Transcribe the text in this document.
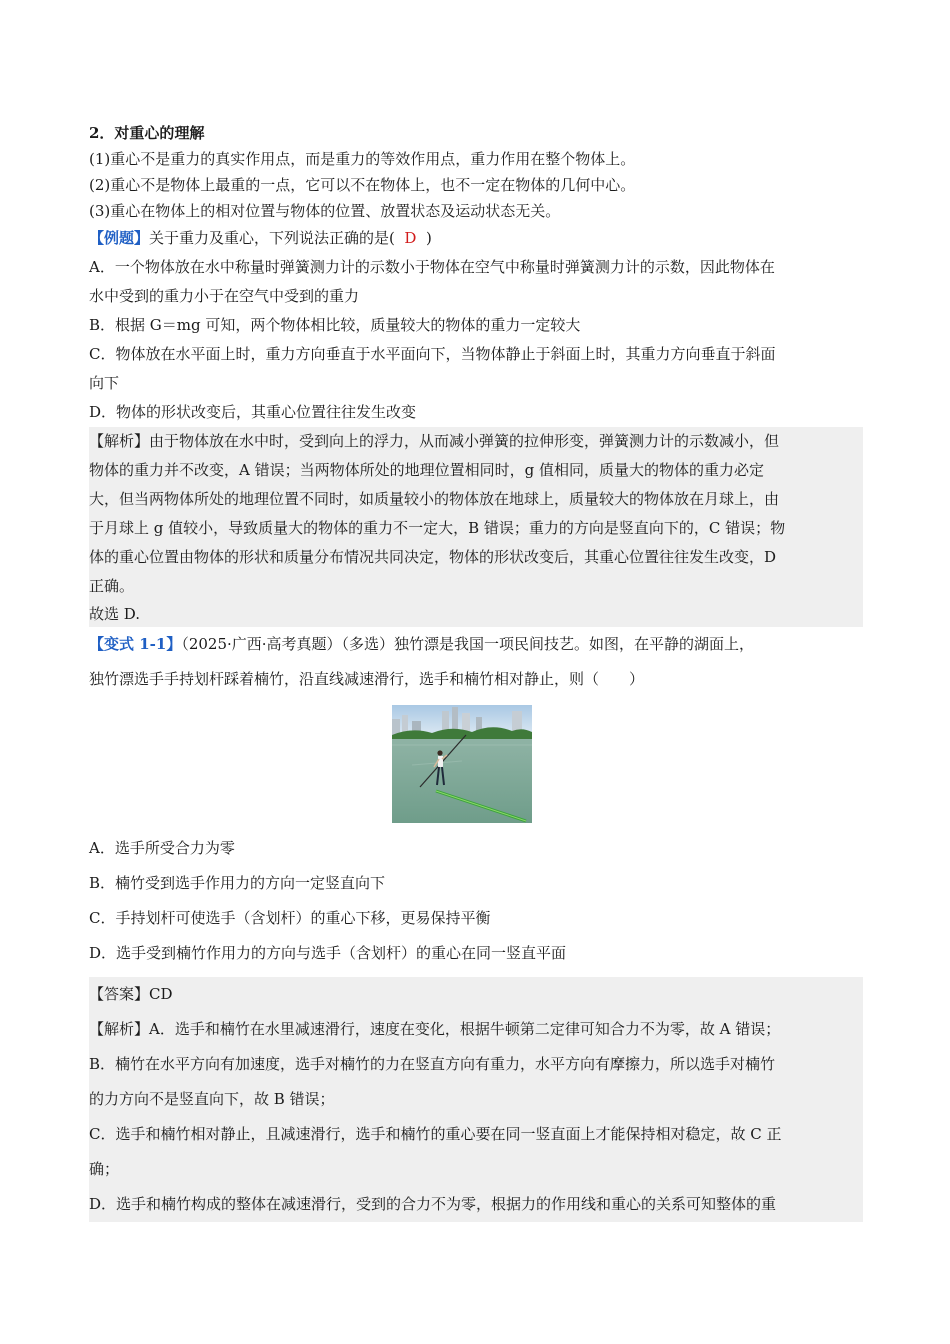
2．对重心的理解
(1)重心不是重力的真实作用点，而是重力的等效作用点，重力作用在整个物体上。
(2)重心不是物体上最重的一点，它可以不在物体上，也不一定在物体的几何中心。
(3)重心在物体上的相对位置与物体的位置、放置状态及运动状态无关。
【例题】关于重力及重心，下列说法正确的是( D )
A．一个物体放在水中称量时弹簧测力计的示数小于物体在空气中称量时弹簧测力计的示数，因此物体在
水中受到的重力小于在空气中受到的重力
B．根据 G＝mg 可知，两个物体相比较，质量较大的物体的重力一定较大
C．物体放在水平面上时，重力方向垂直于水平面向下，当物体静止于斜面上时，其重力方向垂直于斜面
向下
D．物体的形状改变后，其重心位置往往发生改变
【解析】由于物体放在水中时，受到向上的浮力，从而减小弹簧的拉伸形变，弹簧测力计的示数减小，但
物体的重力并不改变，A 错误；当两物体所处的地理位置相同时，g 值相同，质量大的物体的重力必定
大，但当两物体所处的地理位置不同时，如质量较小的物体放在地球上，质量较大的物体放在月球上，由
于月球上 g 值较小，导致质量大的物体的重力不一定大，B 错误；重力的方向是竖直向下的，C 错误；物
体的重心位置由物体的形状和质量分布情况共同决定，物体的形状改变后，其重心位置往往发生改变，D
正确。
故选 D.
【变式 1-1】（2025·广西·高考真题）（多选）独竹漂是我国一项民间技艺。如图，在平静的湖面上，
独竹漂选手手持划杆踩着楠竹，沿直线减速滑行，选手和楠竹相对静止，则（　　）
A．选手所受合力为零
B．楠竹受到选手作用力的方向一定竖直向下
C．手持划杆可使选手（含划杆）的重心下移，更易保持平衡
D．选手受到楠竹作用力的方向与选手（含划杆）的重心在同一竖直平面
【答案】CD
【解析】A．选手和楠竹在水里减速滑行，速度在变化，根据牛顿第二定律可知合力不为零，故 A 错误；
B．楠竹在水平方向有加速度，选手对楠竹的力在竖直方向有重力，水平方向有摩擦力，所以选手对楠竹
的力方向不是竖直向下，故 B 错误；
C．选手和楠竹相对静止，且减速滑行，选手和楠竹的重心要在同一竖直面上才能保持相对稳定，故 C 正
确；
D．选手和楠竹构成的整体在减速滑行，受到的合力不为零，根据力的作用线和重心的关系可知整体的重
